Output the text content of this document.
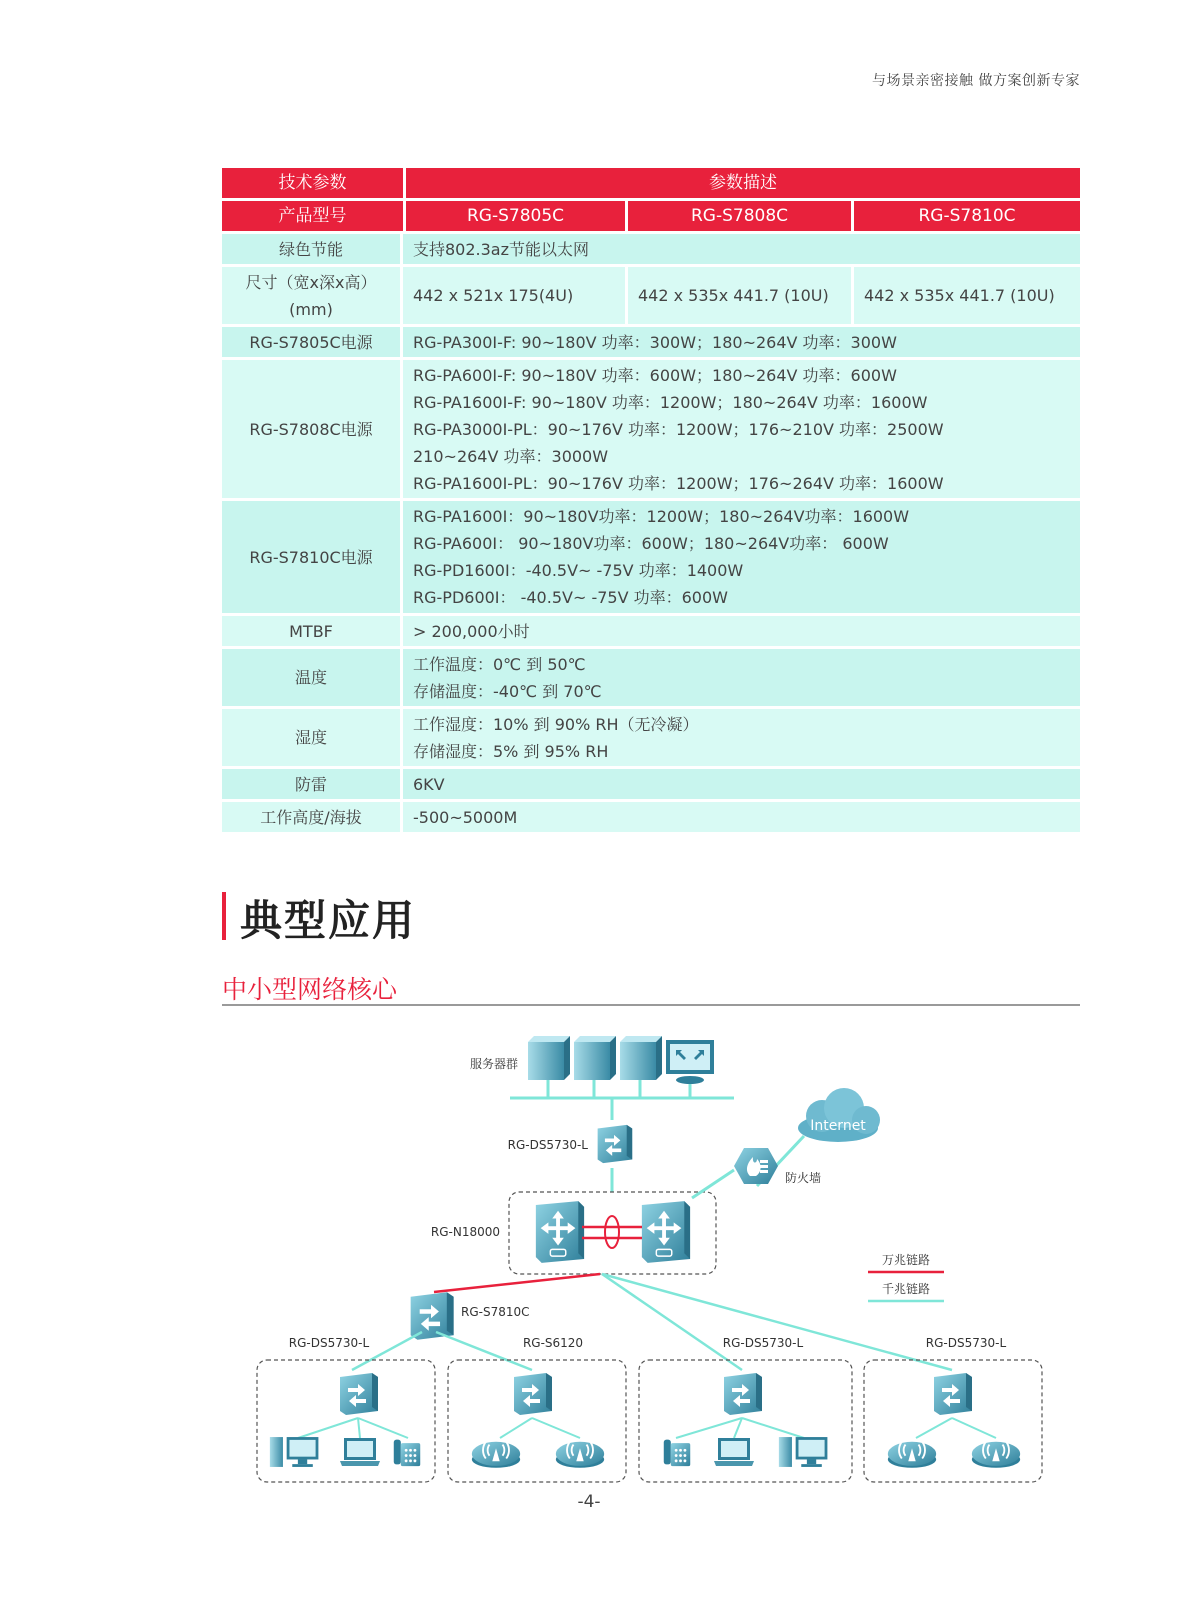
与场景亲密接触 做方案创新专家
技术参数	参数描述		
产品型号	RG-S7805C	RG-S7808C	RG-S7810C
绿色节能	支持802.3az节能以太网		

尺寸（宽x深x高）
(mm)	442 x 521x 175(4U)	442 x 535x 441.7 (10U)	442 x 535x 441.7 (10U)
RG-S7805C电源	RG-PA300I-F: 90~180V 功率：300W；180~264V 功率：300W		
RG-S7808C电源	RG-PA600I-F: 90~180V 功率：600W；180~264V 功率：600W
RG-PA1600I-F: 90~180V 功率：1200W；180~264V 功率：1600W
RG-PA3000I-PL：90~176V 功率：1200W；176~210V 功率：2500W
210~264V 功率：3000W
RG-PA1600I-PL：90~176V 功率：1200W；176~264V 功率：1600W		

RG-S7810C电源	RG-PA1600I：90~180V功率：1200W；180~264V功率：1600W
RG-PA600I： 90~180V功率：600W；180~264V功率： 600W
RG-PD1600I：-40.5V~ -75V 功率：1400W
RG-PD600I： -40.5V~ -75V 功率：600W		

MTBF	> 200,000小时		
温度	工作温度：0℃ 到 50℃
存储温度：-40℃ 到 70℃		

湿度	工作湿度：10% 到 90% RH（无冷凝）
存储湿度：5% 到 95% RH		

防雷	6KV		
工作高度/海拔	-500~5000M		
典型应用
中小型网络核心
服务器群
RG-DS5730-L
Internet
防火墙
RG-N18000
万兆链路
千兆链路
RG-S7810C
RG-DS5730-L	RG-S6120	RG-DS5730-L	RG-DS5730-L
-4-
